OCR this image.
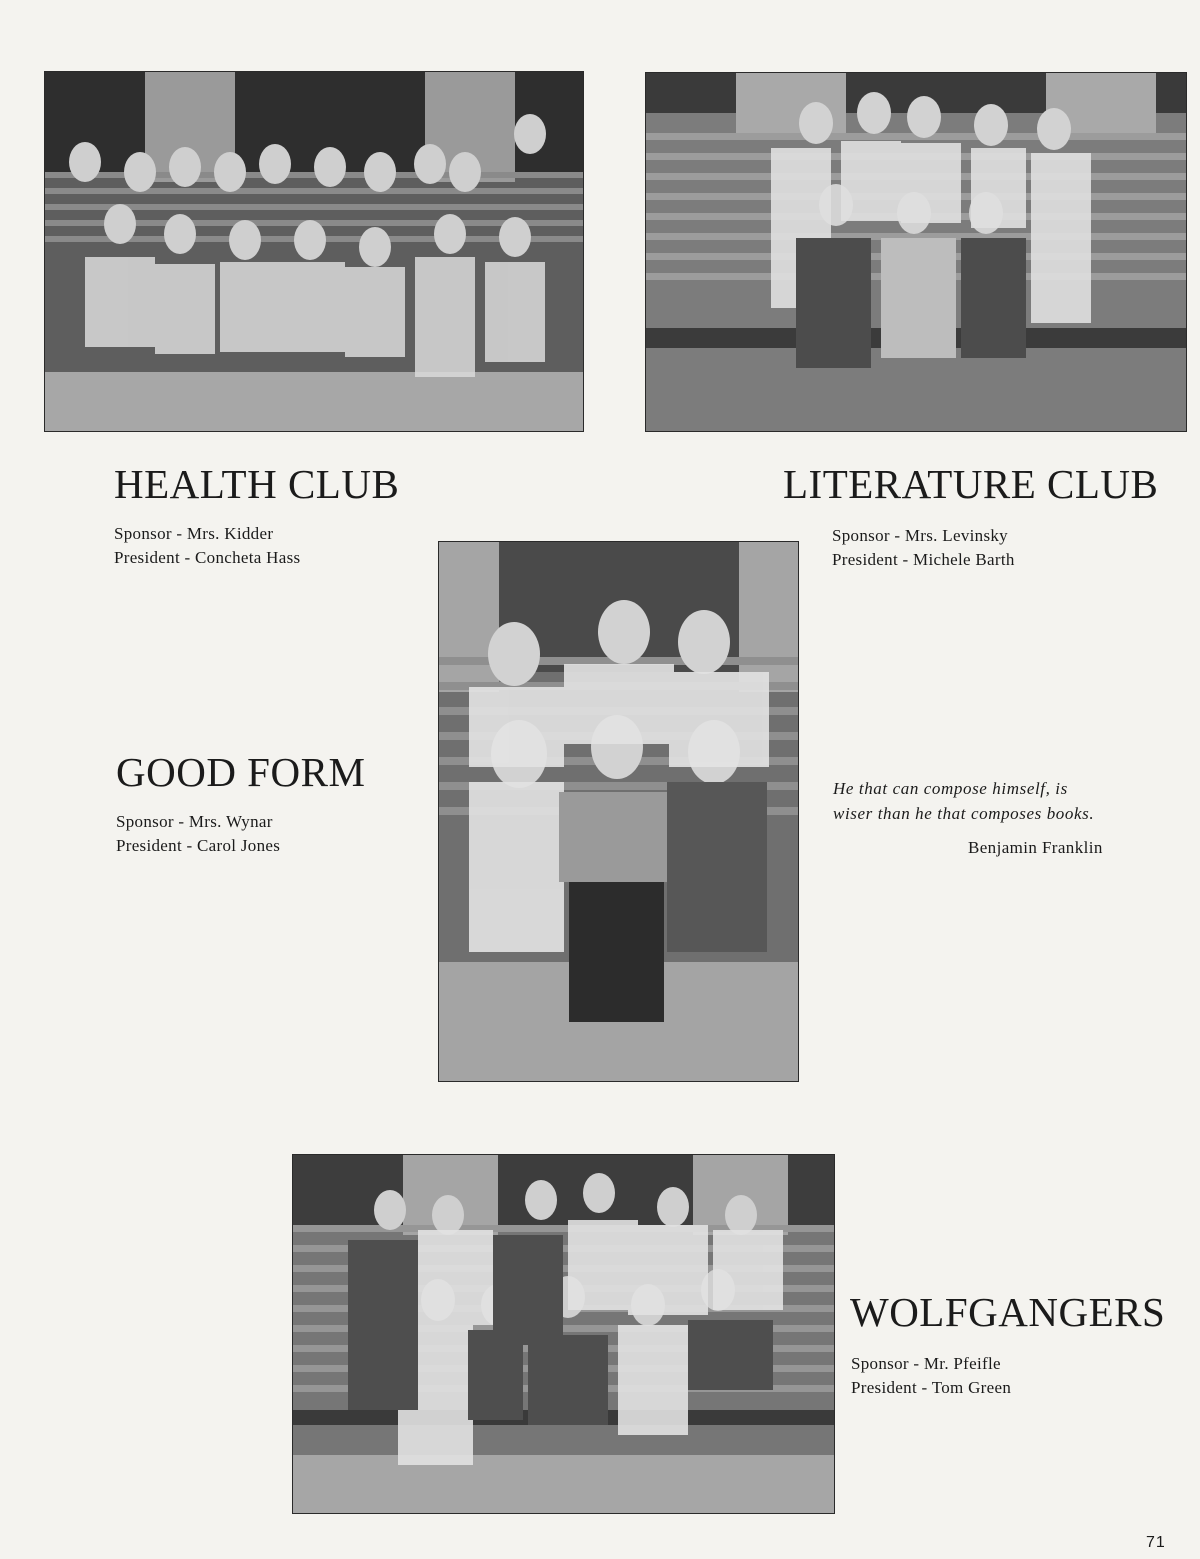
HEALTH CLUB
Sponsor - Mrs. Kidder
President - Concheta Hass
LITERATURE CLUB
Sponsor - Mrs. Levinsky
President - Michele Barth
GOOD FORM
Sponsor - Mrs. Wynar
President - Carol Jones
He that can compose himself, is
wiser than he that composes books.
Benjamin Franklin
WOLFGANGERS
Sponsor - Mr. Pfeifle
President - Tom Green
71
